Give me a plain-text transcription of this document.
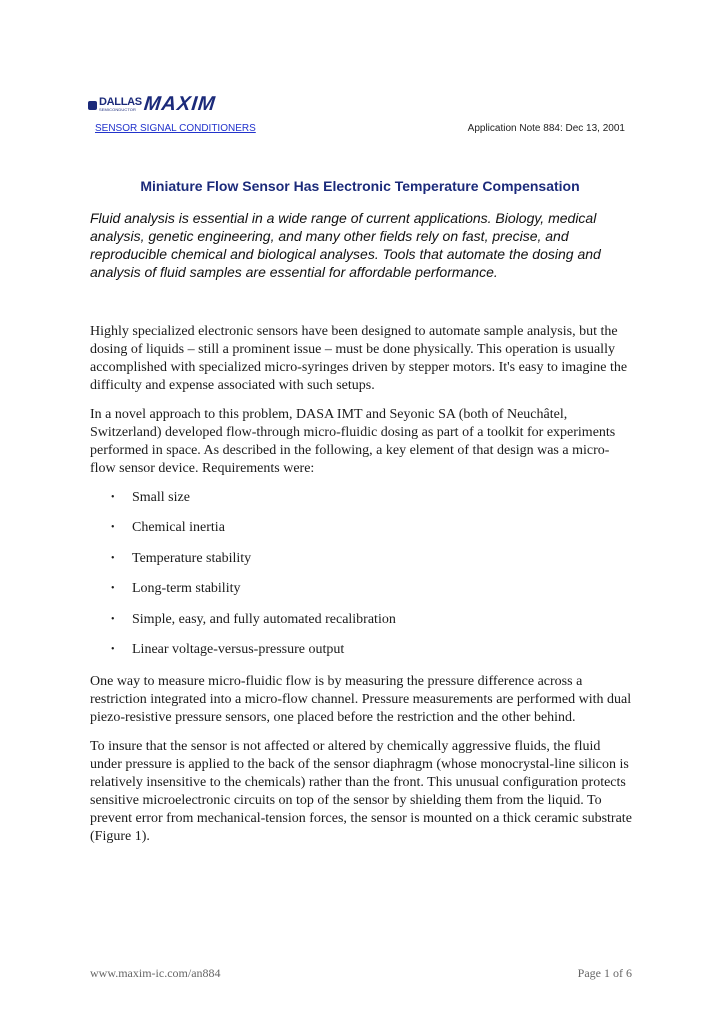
DALLAS
SEMICONDUCTOR MAXIM
SENSOR SIGNAL CONDITIONERS	Application Note 884: Dec 13, 2001
Miniature Flow Sensor Has Electronic Temperature Compensation
Fluid analysis is essential in a wide range of current applications. Biology, medical analysis, genetic engineering, and many other fields rely on fast, precise, and reproducible chemical and biological analyses. Tools that automate the dosing and analysis of fluid samples are essential for affordable performance.
Highly specialized electronic sensors have been designed to automate sample analysis, but the dosing of liquids – still a prominent issue – must be done physically. This operation is usually accomplished with specialized micro-syringes driven by stepper motors. It's easy to imagine the difficulty and expense associated with such setups.
In a novel approach to this problem, DASA IMT and Seyonic SA (both of Neuchâtel, Switzerland) developed flow-through micro-fluidic dosing as part of a toolkit for experiments performed in space. As described in the following, a key element of that design was a micro-flow sensor device. Requirements were:
• Small size
• Chemical inertia
• Temperature stability
• Long-term stability
• Simple, easy, and fully automated recalibration
• Linear voltage-versus-pressure output
One way to measure micro-fluidic flow is by measuring the pressure difference across a restriction integrated into a micro-flow channel. Pressure measurements are performed with dual piezo-resistive pressure sensors, one placed before the restriction and the other behind.
To insure that the sensor is not affected or altered by chemically aggressive fluids, the fluid under pressure is applied to the back of the sensor diaphragm (whose monocrystal-line silicon is relatively insensitive to the chemicals) rather than the front. This unusual configuration protects sensitive microelectronic circuits on top of the sensor by shielding them from the liquid. To prevent error from mechanical-tension forces, the sensor is mounted on a thick ceramic substrate (Figure 1).
www.maxim-ic.com/an884	Page 1 of 6
